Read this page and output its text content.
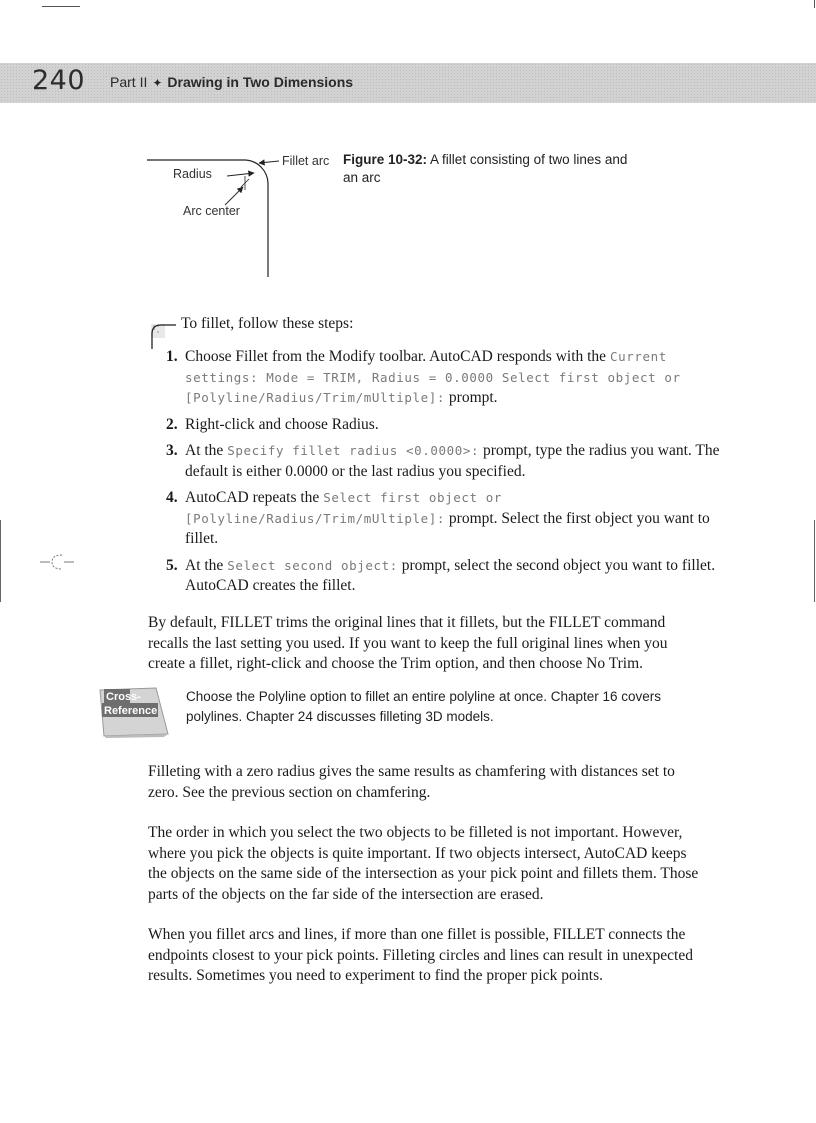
240 Part II ✦ Drawing in Two Dimensions
Fillet arc
Radius
Arc center
Figure 10-32: A fillet consisting of two lines and an arc
To fillet, follow these steps:
1. Choose Fillet from the Modify toolbar. AutoCAD responds with the Current settings: Mode = TRIM, Radius = 0.0000 Select first object or [Polyline/Radius/Trim/mUltiple]: prompt.
2. Right-click and choose Radius.
3. At the Specify fillet radius <0.0000>: prompt, type the radius you want. The default is either 0.0000 or the last radius you specified.
4. AutoCAD repeats the Select first object or [Polyline/Radius/Trim/mUltiple]: prompt. Select the first object you want to fillet.
5. At the Select second object: prompt, select the second object you want to fillet. AutoCAD creates the fillet.

By default, FILLET trims the original lines that it fillets, but the FILLET command recalls the last setting you used. If you want to keep the full original lines when you create a fillet, right-click and choose the Trim option, and then choose No Trim.

Cross-
Reference
Choose the Polyline option to fillet an entire polyline at once. Chapter 16 covers polylines. Chapter 24 discusses filleting 3D models.

Filleting with a zero radius gives the same results as chamfering with distances set to zero. See the previous section on chamfering.

The order in which you select the two objects to be filleted is not important. However, where you pick the objects is quite important. If two objects intersect, AutoCAD keeps the objects on the same side of the intersection as your pick point and fillets them. Those parts of the objects on the far side of the intersection are erased.

When you fillet arcs and lines, if more than one fillet is possible, FILLET connects the endpoints closest to your pick points. Filleting circles and lines can result in unexpected results. Sometimes you need to experiment to find the proper pick points.
